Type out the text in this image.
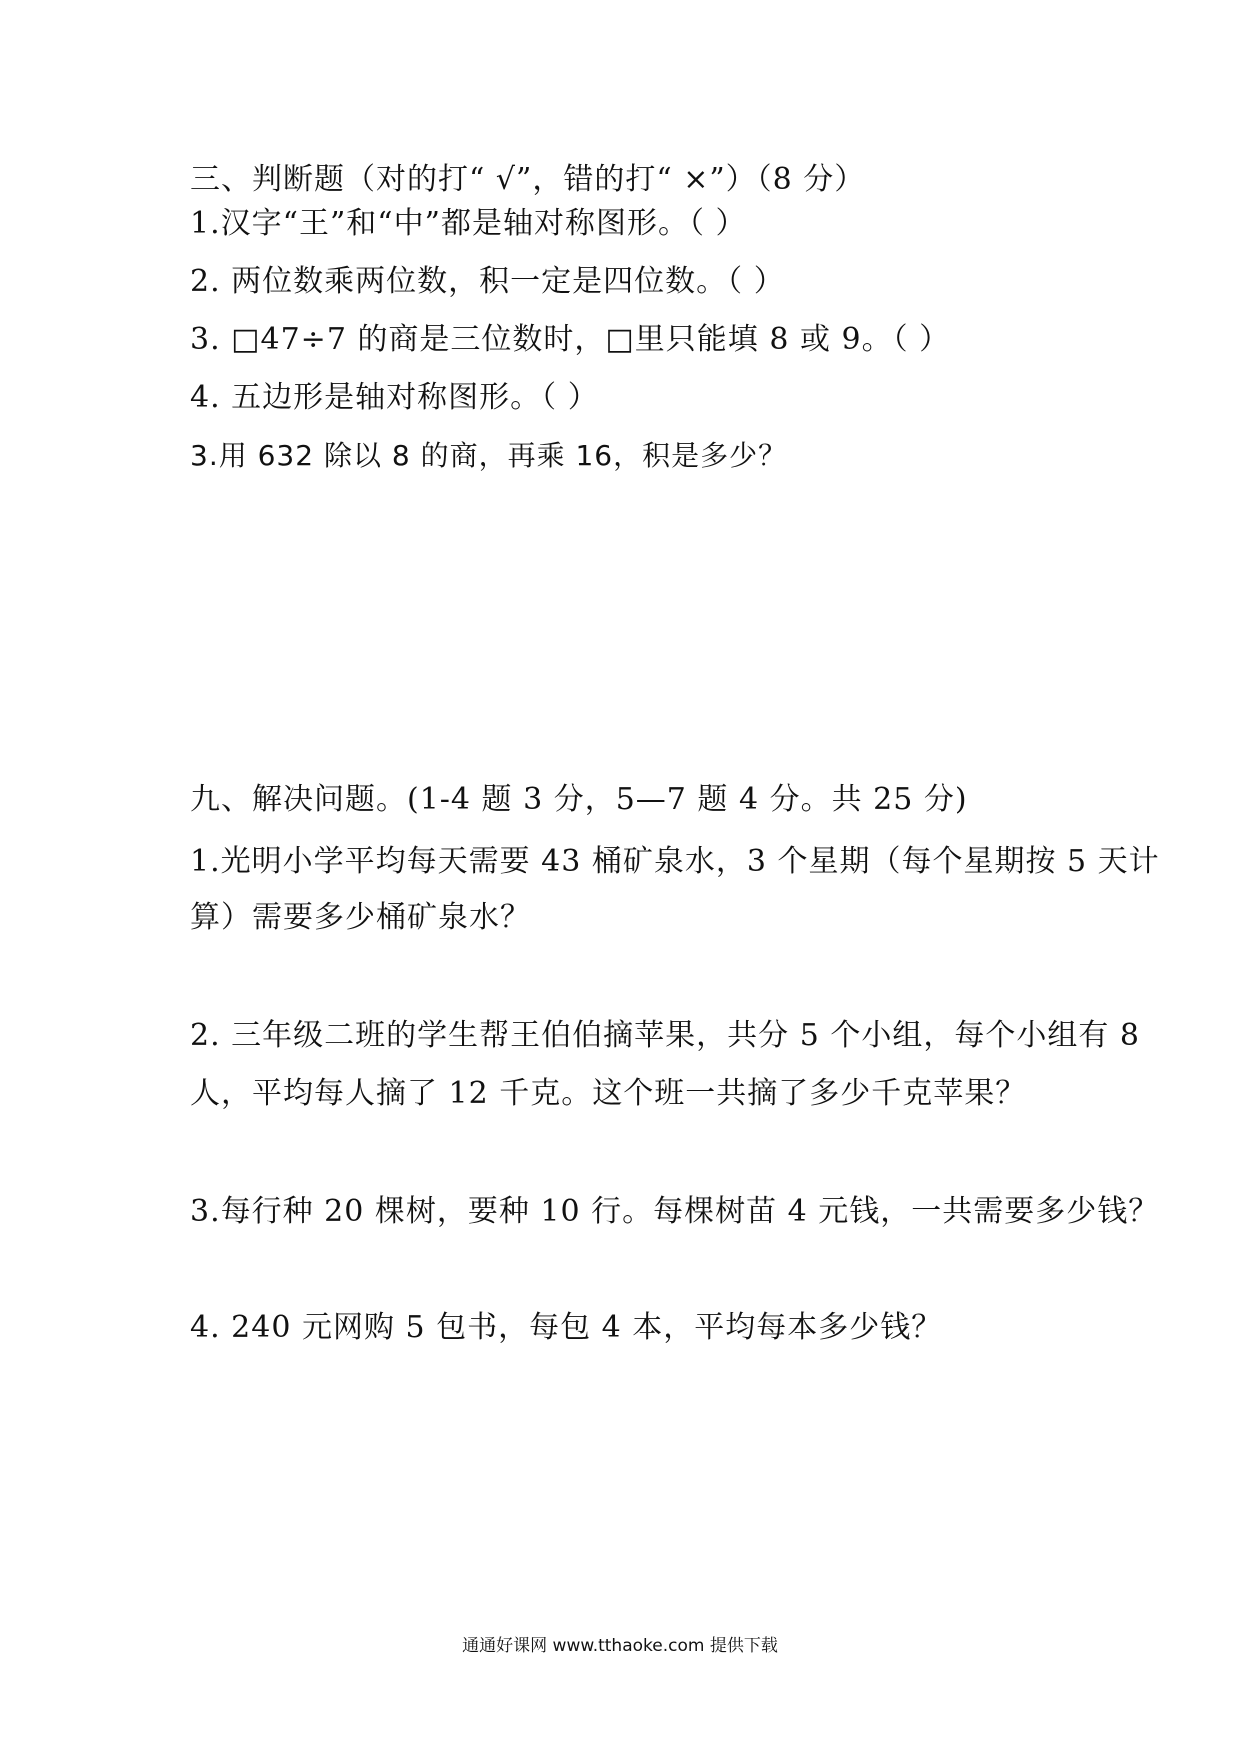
三、判断题（对的打“ √”，错的打“ ×”）（8 分）
1.汉字“王”和“中”都是轴对称图形。（ ）
2. 两位数乘两位数，积一定是四位数。（ ）
3. □47÷7 的商是三位数时，□里只能填 8 或 9。（ ）
4. 五边形是轴对称图形。（ ）
3.用 632 除以 8 的商，再乘 16，积是多少？
九、解决问题。(1-4 题 3 分，5—7 题 4 分。共 25 分)
1.光明小学平均每天需要 43 桶矿泉水，3 个星期（每个星期按 5 天计
算）需要多少桶矿泉水？
2. 三年级二班的学生帮王伯伯摘苹果，共分 5 个小组，每个小组有 8
人，平均每人摘了 12 千克。这个班一共摘了多少千克苹果？
3.每行种 20 棵树，要种 10 行。每棵树苗 4 元钱，一共需要多少钱？
4. 240 元网购 5 包书，每包 4 本，平均每本多少钱？
通通好课网 www.tthaoke.com 提供下载
